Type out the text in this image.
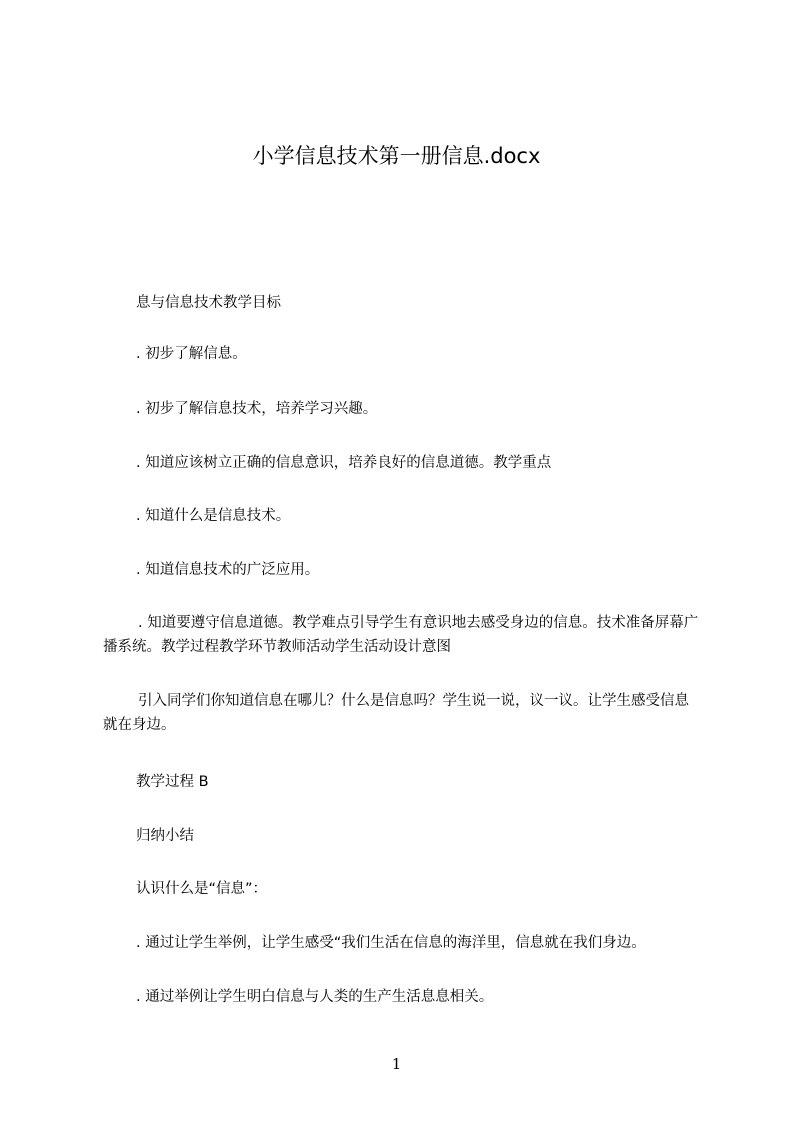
小学信息技术第一册信息.docx
息与信息技术教学目标
. 初步了解信息。
. 初步了解信息技术，培养学习兴趣。
. 知道应该树立正确的信息意识，培养良好的信息道德。教学重点
. 知道什么是信息技术。
. 知道信息技术的广泛应用。
. 知道要遵守信息道德。教学难点引导学生有意识地去感受身边的信息。技术准备屏幕广播系统。教学过程教学环节教师活动学生活动设计意图
引入同学们你知道信息在哪儿？什么是信息吗？学生说一说，议一议。让学生感受信息就在身边。
教学过程 B
归纳小结
认识什么是“信息”：
. 通过让学生举例，让学生感受“我们生活在信息的海洋里，信息就在我们身边。
. 通过举例让学生明白信息与人类的生产生活息息相关。
1
